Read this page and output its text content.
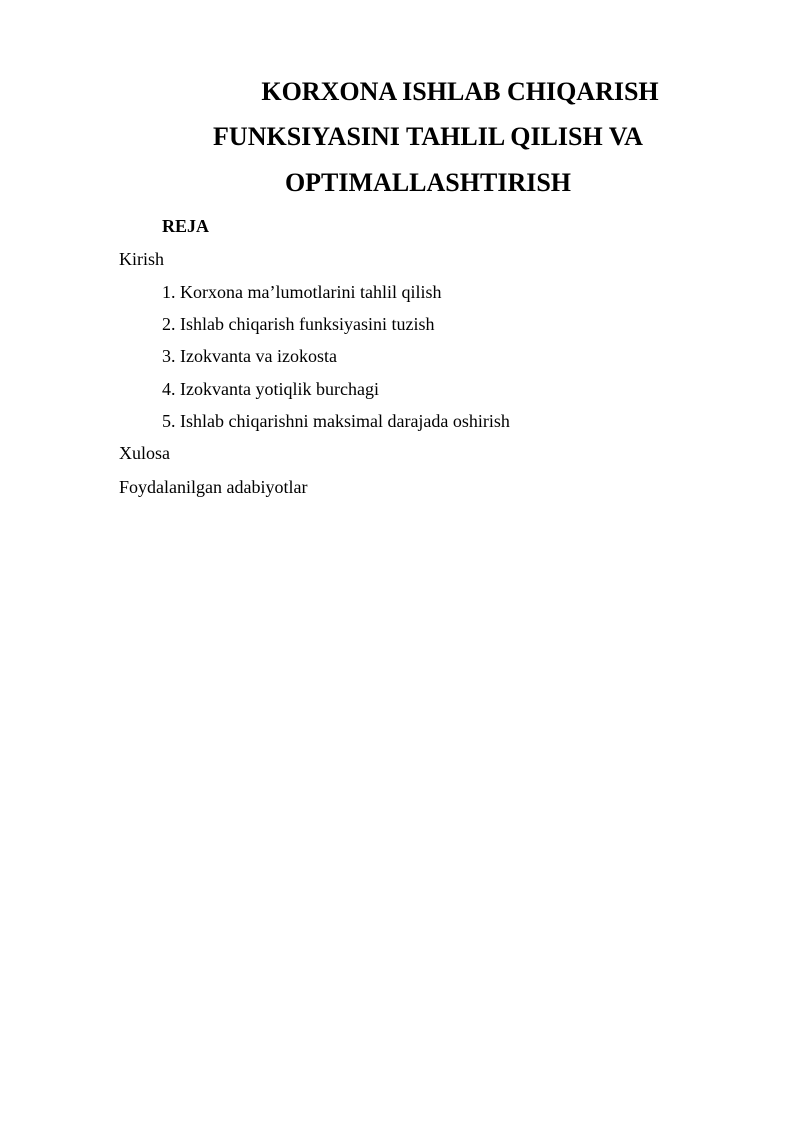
KORXONA ISHLAB CHIQARISH
FUNKSIYASINI TAHLIL QILISH VA
OPTIMALLASHTIRISH
REJA
Kirish
1. Korxona ma’lumotlarini tahlil qilish
2. Ishlab chiqarish funksiyasini tuzish
3. Izokvanta va izokosta
4. Izokvanta yotiqlik burchagi
5. Ishlab chiqarishni maksimal darajada oshirish
Xulosa
Foydalanilgan adabiyotlar
